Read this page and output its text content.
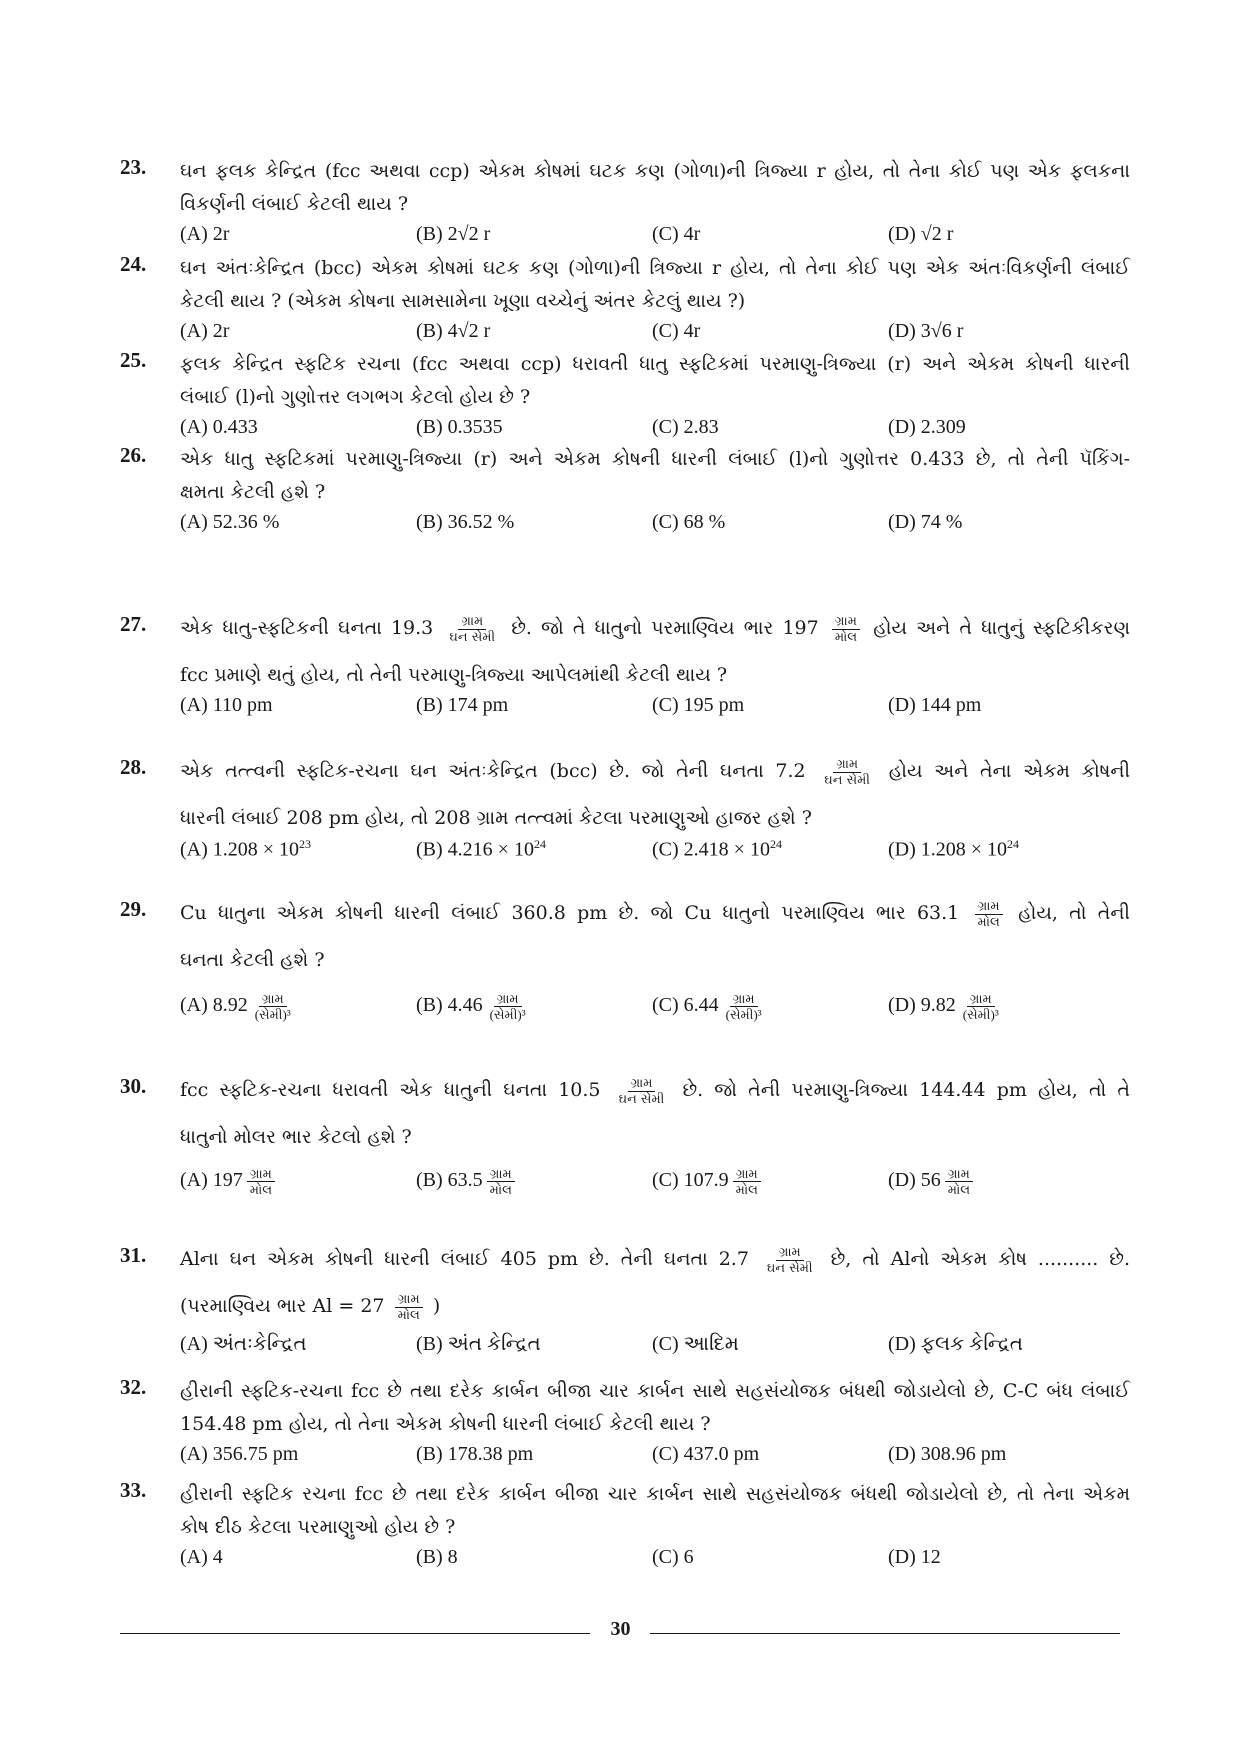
23. ઘન ફલક કેન્દ્રિત (fcc અથવા ccp) એકમ કોષમાં ઘટક કણ (ગોળા)ની ત્રિજ્યા r હોય, તો તેના કોઈ પણ એક ફલકના
વિકર્ણની લંબાઈ કેટલી થાય ?
(A) 2r	(B) 2√2 r	(C) 4r	(D) √2 r
24. ઘન અંતઃકેન્દ્રિત (bcc) એકમ કોષમાં ઘટક કણ (ગોળા)ની ત્રિજ્યા r હોય, તો તેના કોઈ પણ એક અંતઃવિકર્ણની લંબાઈ
કેટલી થાય ? (એકમ કોષના સામસામેના ખૂણા વચ્ચેનું અંતર કેટલું થાય ?)
(A) 2r	(B) 4√2 r	(C) 4r	(D) 3√6 r
25. ફલક કેન્દ્રિત સ્ફટિક રચના (fcc અથવા ccp) ધરાવતી ધાતુ સ્ફટિકમાં પરમાણુ-ત્રિજ્યા (r) અને એકમ કોષની ધારની
લંબાઈ (l)નો ગુણોત્તર લગભગ કેટલો હોય છે ?
(A) 0.433	(B) 0.3535	(C) 2.83	(D) 2.309
26. એક ધાતુ સ્ફટિકમાં પરમાણુ-ત્રિજ્યા (r) અને એકમ કોષની ધારની લંબાઈ (l)નો ગુણોત્તર 0.433 છે, તો તેની પૅકિંગ-
ક્ષમતા કેટલી હશે ?
(A) 52.36 %	(B) 36.52 %	(C) 68 %	(D) 74 %
27. એક ધાતુ-સ્ફટિકની ઘનતા $19.3 \frac{\text{ગ્રામ}}{\text{ઘન સેમી}}$ છે. જો તે ધાતુનો પરમાણ્વિય ભાર $197 \frac{\text{ગ્રામ}}{\text{મોલ}}$ હોય અને તે ધાતુનું સ્ફટિકીકરણ
fcc પ્રમાણે થતું હોય, તો તેની પરમાણુ-ત્રિજ્યા આપેલમાંથી કેટલી થાય ?
(A) 110 pm	(B) 174 pm	(C) 195 pm	(D) 144 pm
28. એક તત્ત્વની સ્ફટિક-રચના ઘન અંતઃકેન્દ્રિત (bcc) છે. જો તેની ઘનતા $7.2 \frac{\text{ગ્રામ}}{\text{ઘન સેમી}}$ હોય અને તેના એકમ કોષની
ધારની લંબાઈ 208 pm હોય, તો 208 ગ્રામ તત્ત્વમાં કેટલા પરમાણુઓ હાજર હશે ?
(A) $1.208 \times 10^{23}$	(B) $4.216 \times 10^{24}$	(C) $2.418 \times 10^{24}$	(D) $1.208 \times 10^{24}$
29. Cu ધાતુના એકમ કોષની ધારની લંબાઈ 360.8 pm છે. જો Cu ધાતુનો પરમાણ્વિય ભાર $63.1 \frac{\text{ગ્રામ}}{\text{મોલ}}$ હોય, તો તેની
ઘનતા કેટલી હશે ?
(A) $8.92 \frac{\text{ગ્રામ}}{\text{(સેમી)³}}$	(B) $4.46 \frac{\text{ગ્રામ}}{\text{(સેમી)³}}$	(C) $6.44 \frac{\text{ગ્રામ}}{\text{(સેમી)³}}$	(D) $9.82 \frac{\text{ગ્રામ}}{\text{(સેમી)³}}$
30. fcc સ્ફટિક-રચના ધરાવતી એક ધાતુની ઘનતા $10.5 \frac{\text{ગ્રામ}}{\text{ઘન સેમી}}$ છે. જો તેની પરમાણુ-ત્રિજ્યા 144.44 pm હોય, તો તે
ધાતુનો મોલર ભાર કેટલો હશે ?
(A) $197 \frac{\text{ગ્રામ}}{\text{મોલ}}$	(B) $63.5 \frac{\text{ગ્રામ}}{\text{મોલ}}$	(C) $107.9 \frac{\text{ગ્રામ}}{\text{મોલ}}$	(D) $56 \frac{\text{ગ્રામ}}{\text{મોલ}}$
31. Alના ઘન એકમ કોષની ધારની લંબાઈ 405 pm છે. તેની ઘનતા $2.7 \frac{\text{ગ્રામ}}{\text{ઘન સેમી}}$ છે, તો Alનો એકમ કોષ .......... છે.
(પરમાણ્વિય ભાર $Al = 27 \frac{\text{ગ્રામ}}{\text{મોલ}}$ )
(A) અંતઃકેન્દ્રિત	(B) અંત કેન્દ્રિત	(C) આદિમ	(D) ફલક કેન્દ્રિત
32. હીરાની સ્ફટિક-રચના fcc છે તથા દરેક કાર્બન બીજા ચાર કાર્બન સાથે સહસંયોજક બંધથી જોડાયેલો છે, C-C બંધ લંબાઈ
154.48 pm હોય, તો તેના એકમ કોષની ધારની લંબાઈ કેટલી થાય ?
(A) 356.75 pm	(B) 178.38 pm	(C) 437.0 pm	(D) 308.96 pm
33. હીરાની સ્ફટિક રચના fcc છે તથા દરેક કાર્બન બીજા ચાર કાર્બન સાથે સહસંયોજક બંધથી જોડાયેલો છે, તો તેના એકમ
કોષ દીઠ કેટલા પરમાણુઓ હોય છે ?
(A) 4	(B) 8	(C) 6	(D) 12
30
